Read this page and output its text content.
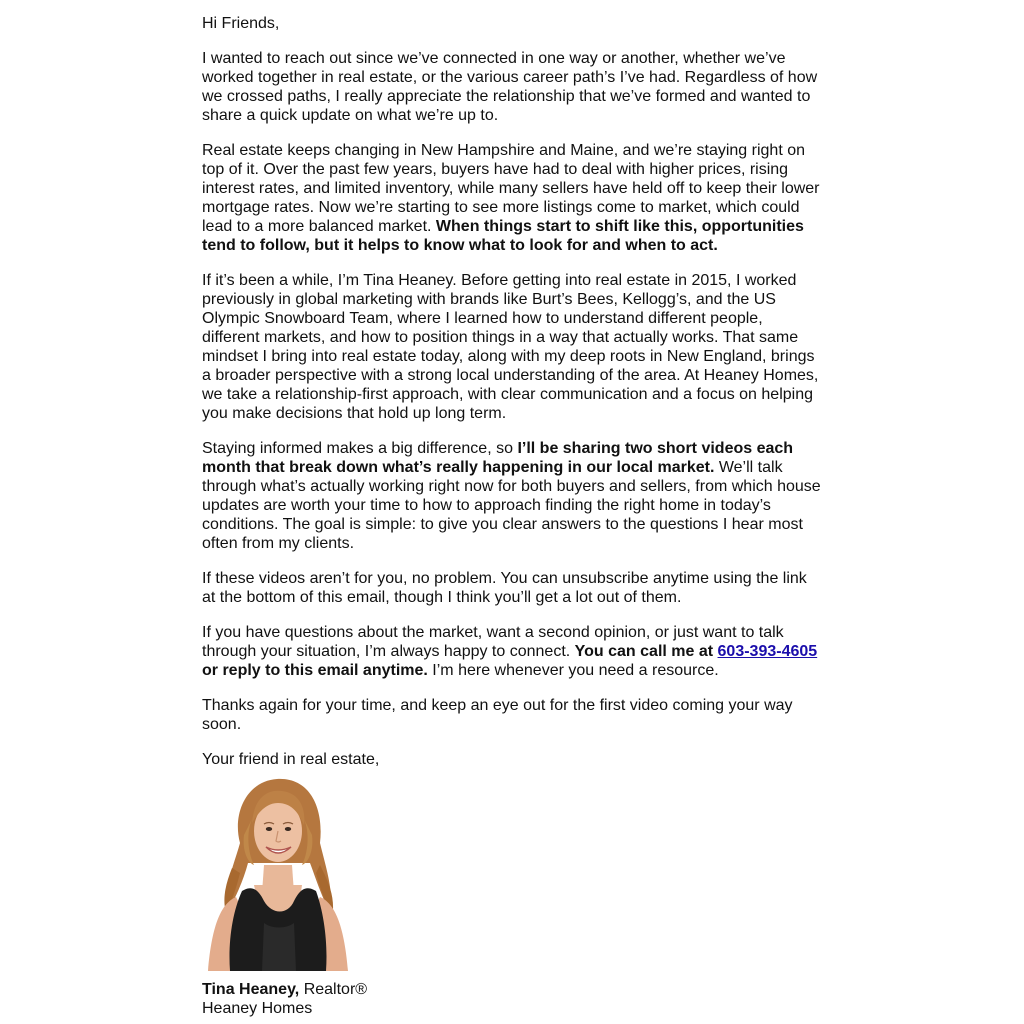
Hi Friends,

I wanted to reach out since we’ve connected in one way or another, whether we’ve worked together in real estate, or the various career path’s I’ve had. Regardless of how we crossed paths, I really appreciate the relationship that we’ve formed and wanted to share a quick update on what we’re up to.

Real estate keeps changing in New Hampshire and Maine, and we’re staying right on top of it. Over the past few years, buyers have had to deal with higher prices, rising interest rates, and limited inventory, while many sellers have held off to keep their lower mortgage rates. Now we’re starting to see more listings come to market, which could lead to a more balanced market. When things start to shift like this, opportunities tend to follow, but it helps to know what to look for and when to act.

If it’s been a while, I’m Tina Heaney. Before getting into real estate in 2015, I worked previously in global marketing with brands like Burt’s Bees, Kellogg’s, and the US Olympic Snowboard Team, where I learned how to understand different people, different markets, and how to position things in a way that actually works. That same mindset I bring into real estate today, along with my deep roots in New England, brings a broader perspective with a strong local understanding of the area. At Heaney Homes, we take a relationship-first approach, with clear communication and a focus on helping you make decisions that hold up long term.

Staying informed makes a big difference, so I’ll be sharing two short videos each month that break down what’s really happening in our local market. We’ll talk through what’s actually working right now for both buyers and sellers, from which house updates are worth your time to how to approach finding the right home in today’s conditions. The goal is simple: to give you clear answers to the questions I hear most often from my clients.

If these videos aren’t for you, no problem. You can unsubscribe anytime using the link at the bottom of this email, though I think you’ll get a lot out of them.

If you have questions about the market, want a second opinion, or just want to talk through your situation, I’m always happy to connect. You can call me at 603-393-4605 or reply to this email anytime. I’m here whenever you need a resource.

Thanks again for your time, and keep an eye out for the first video coming your way soon.

Your friend in real estate,

Tina Heaney, Realtor®

Heaney Homes
